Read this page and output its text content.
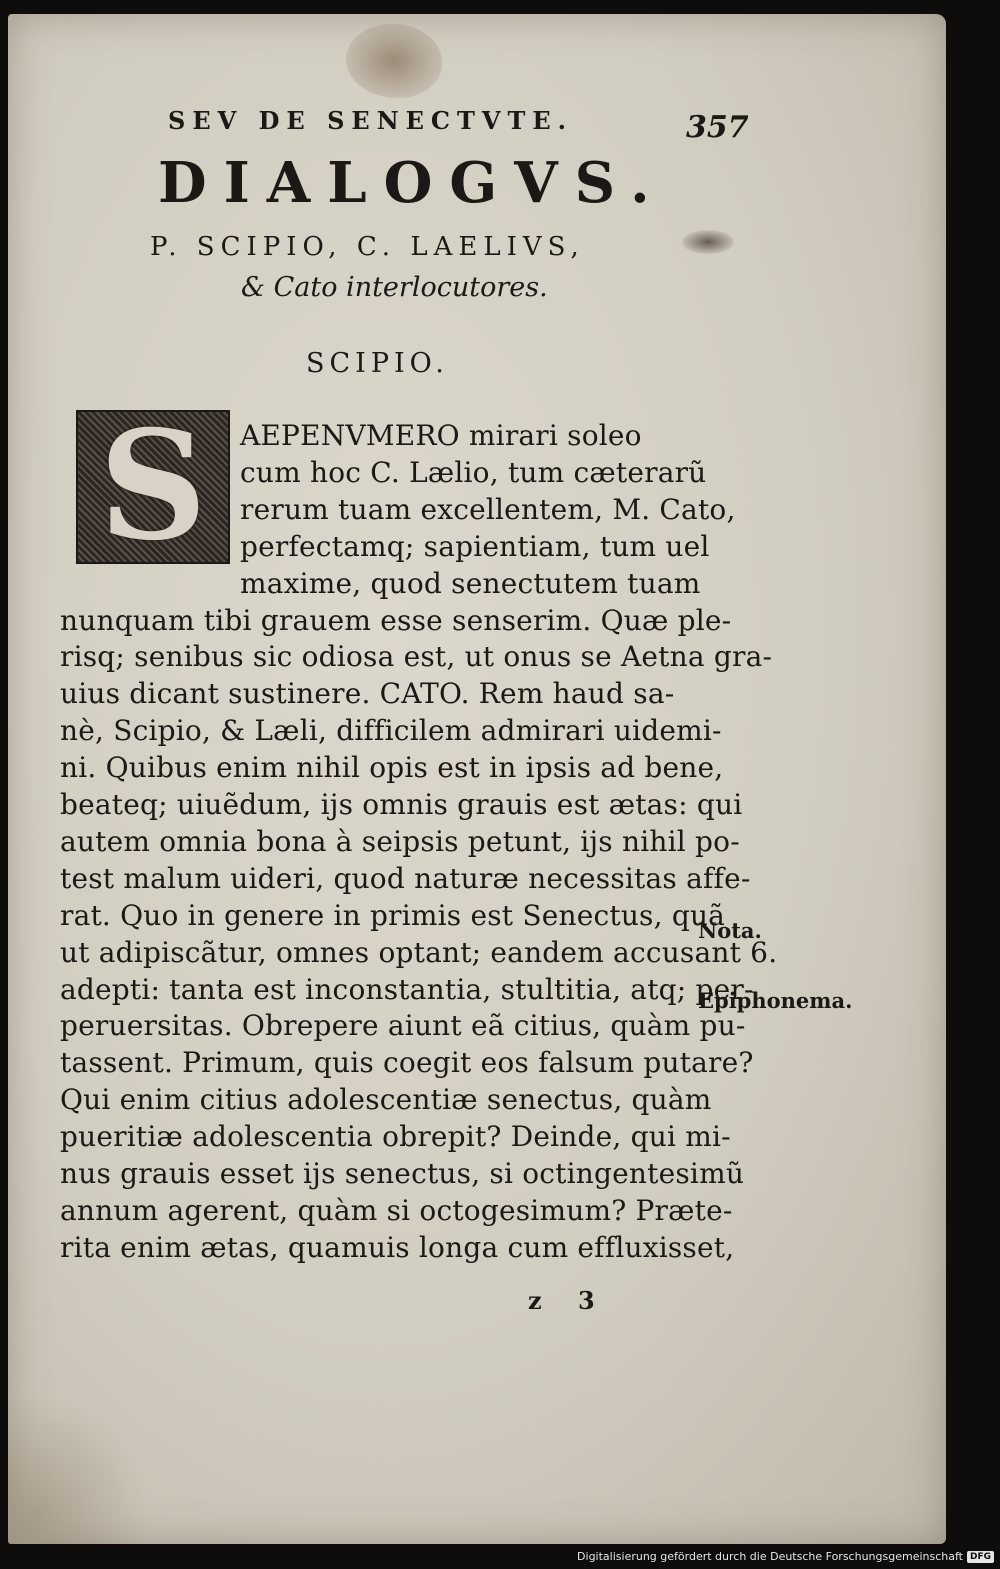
SEV DE SENECTVTE.	357
DIALOGVS.
P. SCIPIO, C. LAELIVS,
& Cato interlocutores.
SCIPIO.
S	AEPENVMERO mirari soleo
cum hoc C. Lælio, tum cæterarũ
rerum tuam excellentem, M. Cato,
perfectamq; sapientiam, tum uel
maxime, quod senectutem tuam
nunquam tibi grauem esse senserim. Quæ ple-
risq; senibus sic odiosa est, ut onus se Aetna gra-
uius dicant sustinere. CATO. Rem haud sa-
nè, Scipio, & Læli, difficilem admirari uidemi-
ni. Quibus enim nihil opis est in ipsis ad bene,
beateq; uiuẽdum, ijs omnis grauis est ætas: qui
autem omnia bona à seipsis petunt, ijs nihil po-
test malum uideri, quod naturæ necessitas affe-
rat. Quo in genere in primis est Senectus, quã
ut adipiscãtur, omnes optant; eandem accusant 6.
adepti: tanta est inconstantia, stultitia, atq; per-
peruersitas. Obrepere aiunt eã citius, quàm pu-
tassent. Primum, quis coegit eos falsum putare?
Qui enim citius adolescentiæ senectus, quàm
pueritiæ adolescentia obrepit? Deinde, qui mi-
nus grauis esset ijs senectus, si octingentesimũ
annum agerent, quàm si octogesimum? Præte-
rita enim ætas, quamuis longa cum effluxisset,
Nota.
Epiphonema.
z 3
Digitalisierung gefördert durch die Deutsche Forschungsgemeinschaft DFG
